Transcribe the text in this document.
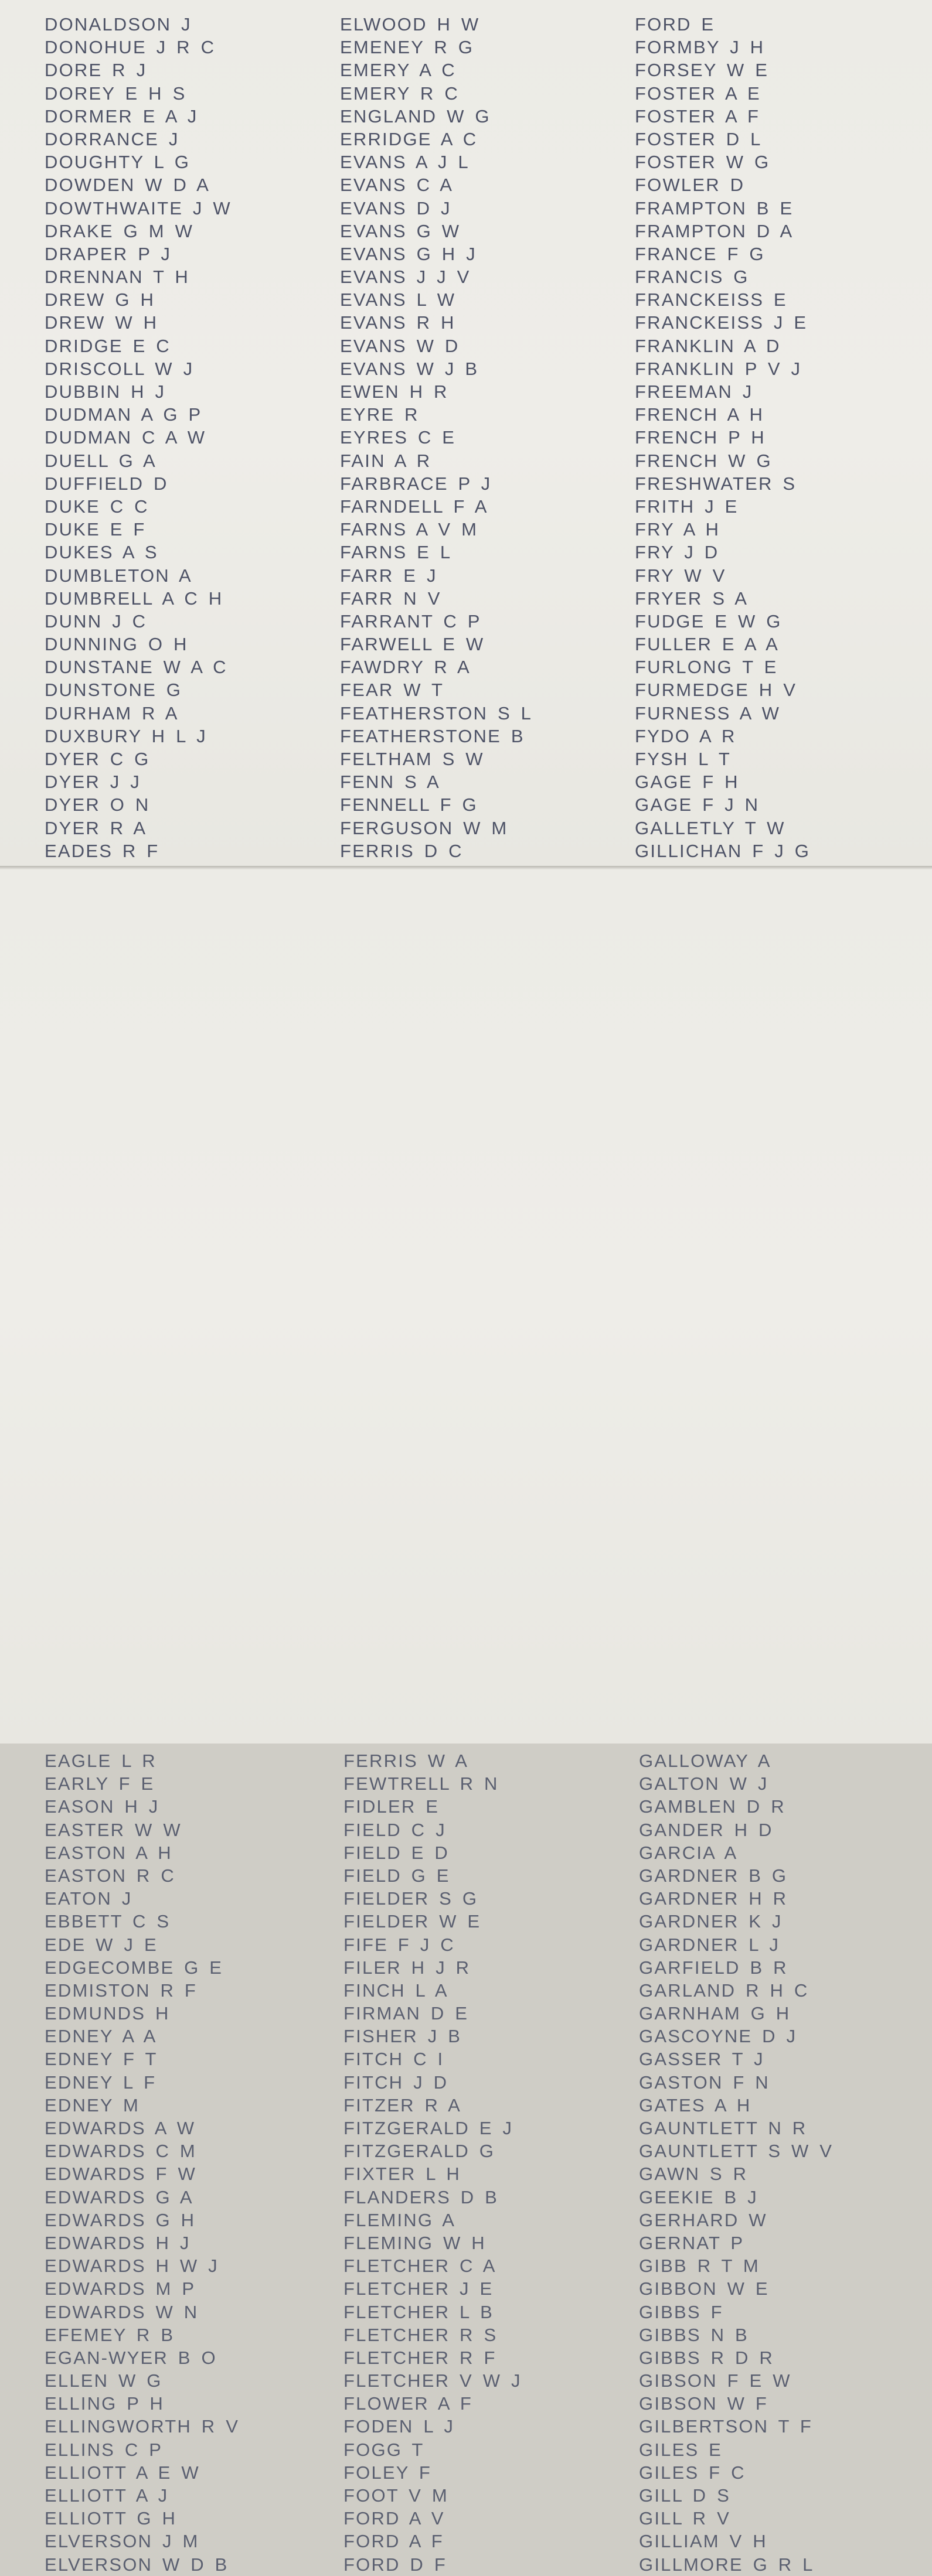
DONALDSON J
DONOHUE J R C
DORE R J
DOREY E H S
DORMER E A J
DORRANCE J
DOUGHTY L G
DOWDEN W D A
DOWTHWAITE J W
DRAKE G M W
DRAPER P J
DRENNAN T H
DREW G H
DREW W H
DRIDGE E C
DRISCOLL W J
DUBBIN H J
DUDMAN A G P
DUDMAN C A W
DUELL G A
DUFFIELD D
DUKE C C
DUKE E F
DUKES A S
DUMBLETON A
DUMBRELL A C H
DUNN J C
DUNNING O H
DUNSTANE W A C
DUNSTONE G
DURHAM R A
DUXBURY H L J
DYER C G
DYER J J
DYER O N
DYER R A
EADES R F
ELWOOD H W
EMENEY R G
EMERY A C
EMERY R C
ENGLAND W G
ERRIDGE A C
EVANS A J L
EVANS C A
EVANS D J
EVANS G W
EVANS G H J
EVANS J J V
EVANS L W
EVANS R H
EVANS W D
EVANS W J B
EWEN H R
EYRE R
EYRES C E
FAIN A R
FARBRACE P J
FARNDELL F A
FARNS A V M
FARNS E L
FARR E J
FARR N V
FARRANT C P
FARWELL E W
FAWDRY R A
FEAR W T
FEATHERSTON S L
FEATHERSTONE B
FELTHAM S W
FENN S A
FENNELL F G
FERGUSON W M
FERRIS D C
FORD E
FORMBY J H
FORSEY W E
FOSTER A E
FOSTER A F
FOSTER D L
FOSTER W G
FOWLER D
FRAMPTON B E
FRAMPTON D A
FRANCE F G
FRANCIS G
FRANCKEISS E
FRANCKEISS J E
FRANKLIN A D
FRANKLIN P V J
FREEMAN J
FRENCH A H
FRENCH P H
FRENCH W G
FRESHWATER S
FRITH J E
FRY A H
FRY J D
FRY W V
FRYER S A
FUDGE E W G
FULLER E A A
FURLONG T E
FURMEDGE H V
FURNESS A W
FYDO A R
FYSH L T
GAGE F H
GAGE F J N
GALLETLY T W
GILLICHAN F J G
EAGLE L R
EARLY F E
EASON H J
EASTER W W
EASTON A H
EASTON R C
EATON J
EBBETT C S
EDE W J E
EDGECOMBE G E
EDMISTON R F
EDMUNDS H
EDNEY A A
EDNEY F T
EDNEY L F
EDNEY M
EDWARDS A W
EDWARDS C M
EDWARDS F W
EDWARDS G A
EDWARDS G H
EDWARDS H J
EDWARDS H W J
EDWARDS M P
EDWARDS W N
EFEMEY R B
EGAN-WYER B O
ELLEN W G
ELLING P H
ELLINGWORTH R V
ELLINS C P
ELLIOTT A E W
ELLIOTT A J
ELLIOTT G H
ELVERSON J M
ELVERSON W D B
FERRIS W A
FEWTRELL R N
FIDLER E
FIELD C J
FIELD E D
FIELD G E
FIELDER S G
FIELDER W E
FIFE F J C
FILER H J R
FINCH L A
FIRMAN D E
FISHER J B
FITCH C I
FITCH J D
FITZER R A
FITZGERALD E J
FITZGERALD G
FIXTER L H
FLANDERS D B
FLEMING A
FLEMING W H
FLETCHER C A
FLETCHER J E
FLETCHER L B
FLETCHER R S
FLETCHER R F
FLETCHER V W J
FLOWER A F
FODEN L J
FOGG T
FOLEY F
FOOT V M
FORD A V
FORD A F
FORD D F
GALLOWAY A
GALTON W J
GAMBLEN D R
GANDER H D
GARCIA A
GARDNER B G
GARDNER H R
GARDNER K J
GARDNER L J
GARFIELD B R
GARLAND R H C
GARNHAM G H
GASCOYNE D J
GASSER T J
GASTON F N
GATES A H
GAUNTLETT N R
GAUNTLETT S W V
GAWN S R
GEEKIE B J
GERHARD W
GERNAT P
GIBB R T M
GIBBON W E
GIBBS F
GIBBS N B
GIBBS R D R
GIBSON F E W
GIBSON W F
GILBERTSON T F
GILES E
GILES F C
GILL D S
GILL R V
GILLIAM V H
GILLMORE G R L
